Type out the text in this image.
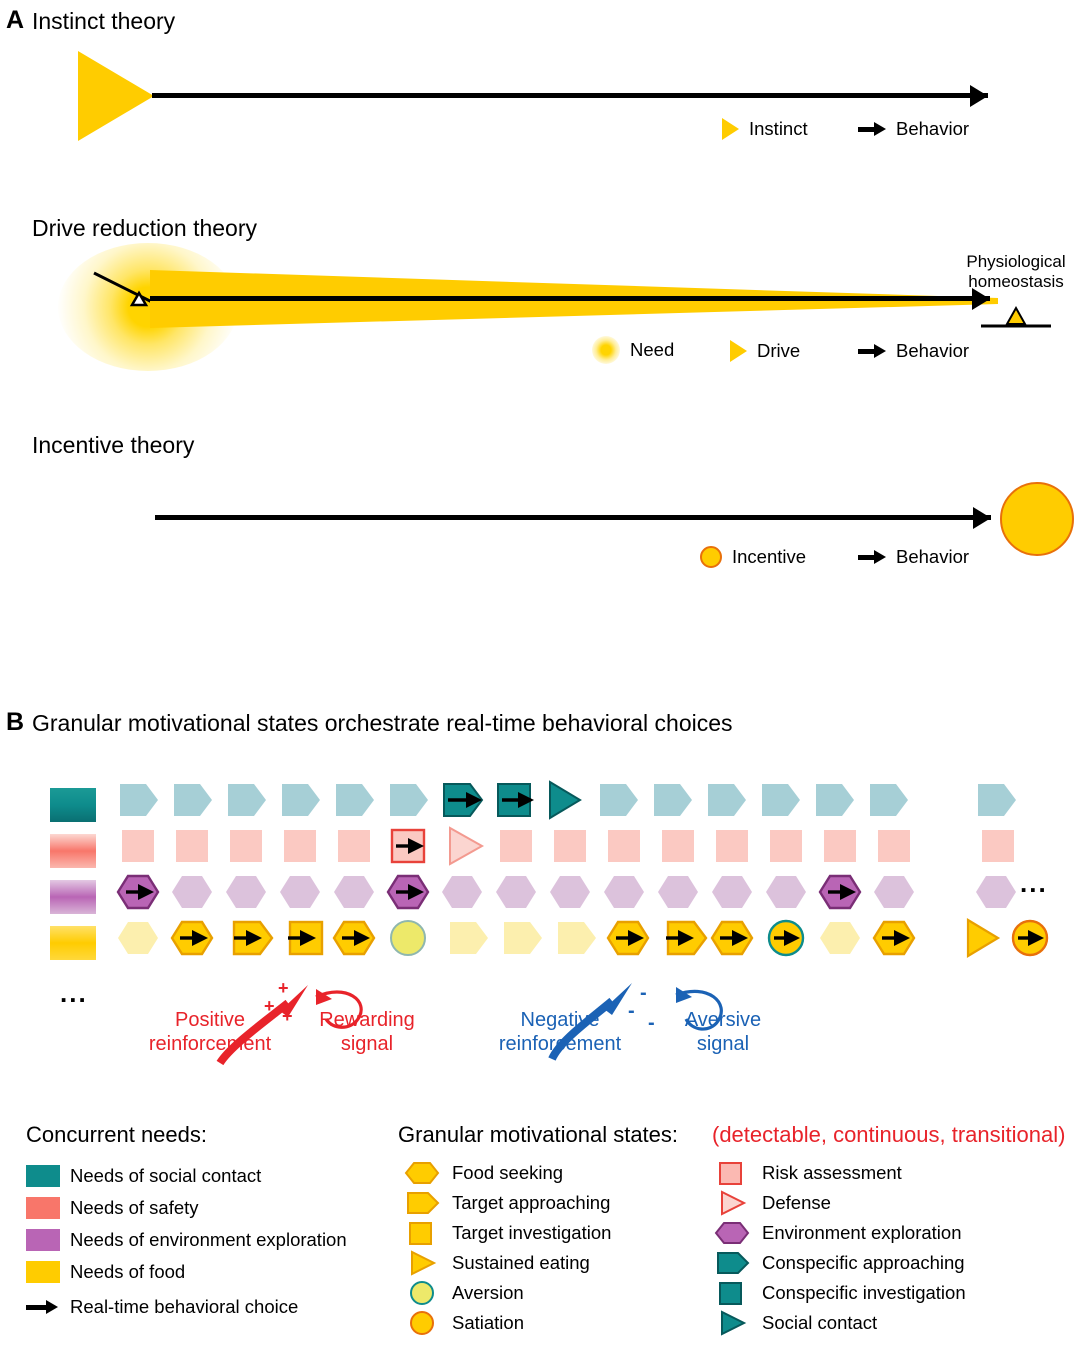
A Instinct theory
Instinct	Behavior
Drive reduction theory
Physiological
homeostasis
Need	Drive	Behavior
Incentive theory
Incentive	Behavior
B Granular motivational states orchestrate real-time behavioral choices
...
...	+
+ +
-
-
-
Positive
reinforcement
Rewarding
signal
Negative
reinforcement
Aversive
signal
Concurrent needs:
Needs of social contact
Needs of safety
Needs of environment exploration
Needs of food
Real-time behavioral choice
Granular motivational states: (detectable, continuous, transitional)
Food seeking
Target approaching
Target investigation
Sustained eating
Aversion
Satiation
Risk assessment
Defense
Environment exploration
Conspecific approaching
Conspecific investigation
Social contact
